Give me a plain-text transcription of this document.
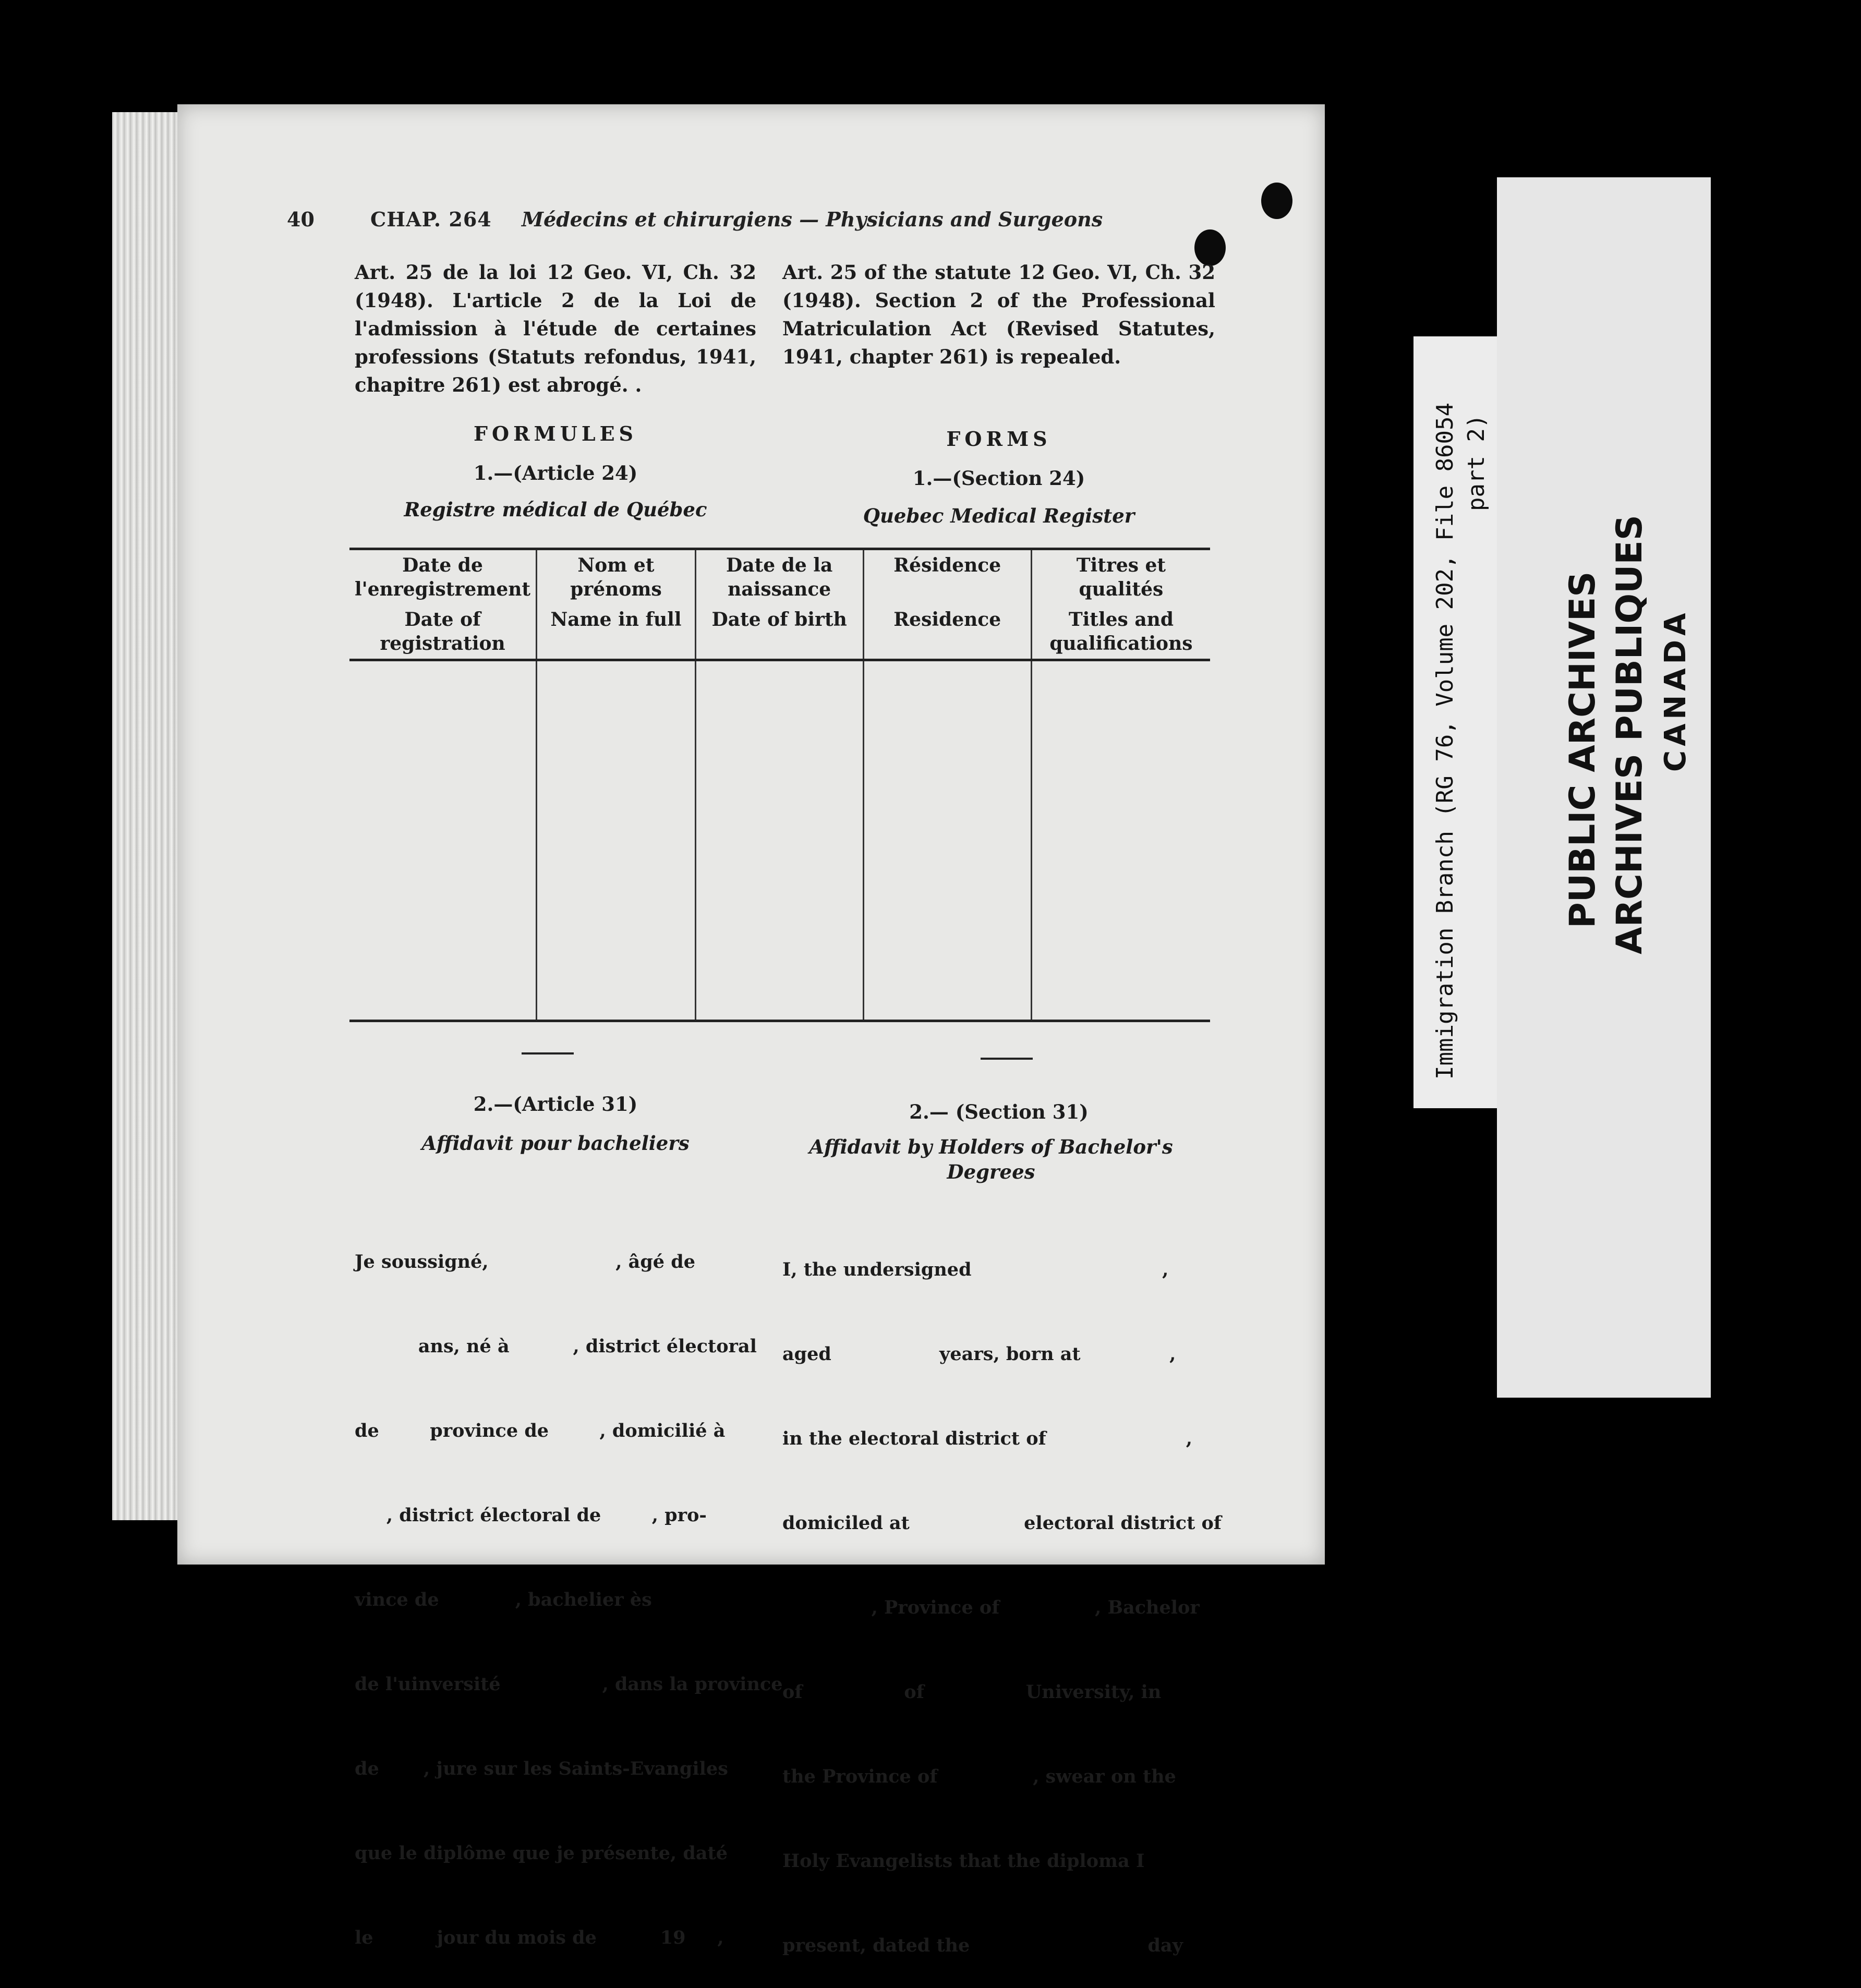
40	CHAP. 264 Médecins et chirurgiens — Physicians and Surgeons
Art. 25 de la loi 12 Geo. VI, Ch. 32 (1948). L'article 2 de la Loi de l'admission à l'étude de certaines professions (Statuts refondus, 1941, chapitre 261) est abrogé. .
Art. 25 of the statute 12 Geo. VI, Ch. 32 (1948). Section 2 of the Professional Matriculation Act (Revised Statutes, 1941, chapter 261) is repealed.
FORMULES	FORMS
1.—(Article 24)	1.—(Section 24)
Registre médical de Québec	Quebec Medical Register
Date de l'enregistrement	Nom et prénoms	Date de la naissance	Résidence	Titres et qualités
Date of registration	Name in full	Date of birth	Residence	Titles and qualifications

2.—(Article 31)	2.— (Section 31)
Affidavit pour bacheliers	Affidavit by Holders of Bachelor's Degrees

Je soussigné,                    , âgé de

ans, né à          , district électoral

de        province de        , domicilié à

, district électoral de        , pro-

vince de            , bachelier ès

de l'uinversité                , dans la province

de       , jure sur les Saints-Evangiles

que le diplôme que je présente, daté

le          jour du mois de          19     ,

I, the undersigned                              ,

aged                 years, born at              ,

in the electoral district of                      ,

domiciled at                  electoral district of

, Province of               , Bachelor

of                of                University, in

the Province of               , swear on the

Holy Evangelists that the diploma I

present, dated the                            day

Immigration Branch (RG 76, Volume 202, File 86054 part 2)
PUBLIC ARCHIVES ARCHIVES PUBLIQUES CANADA
